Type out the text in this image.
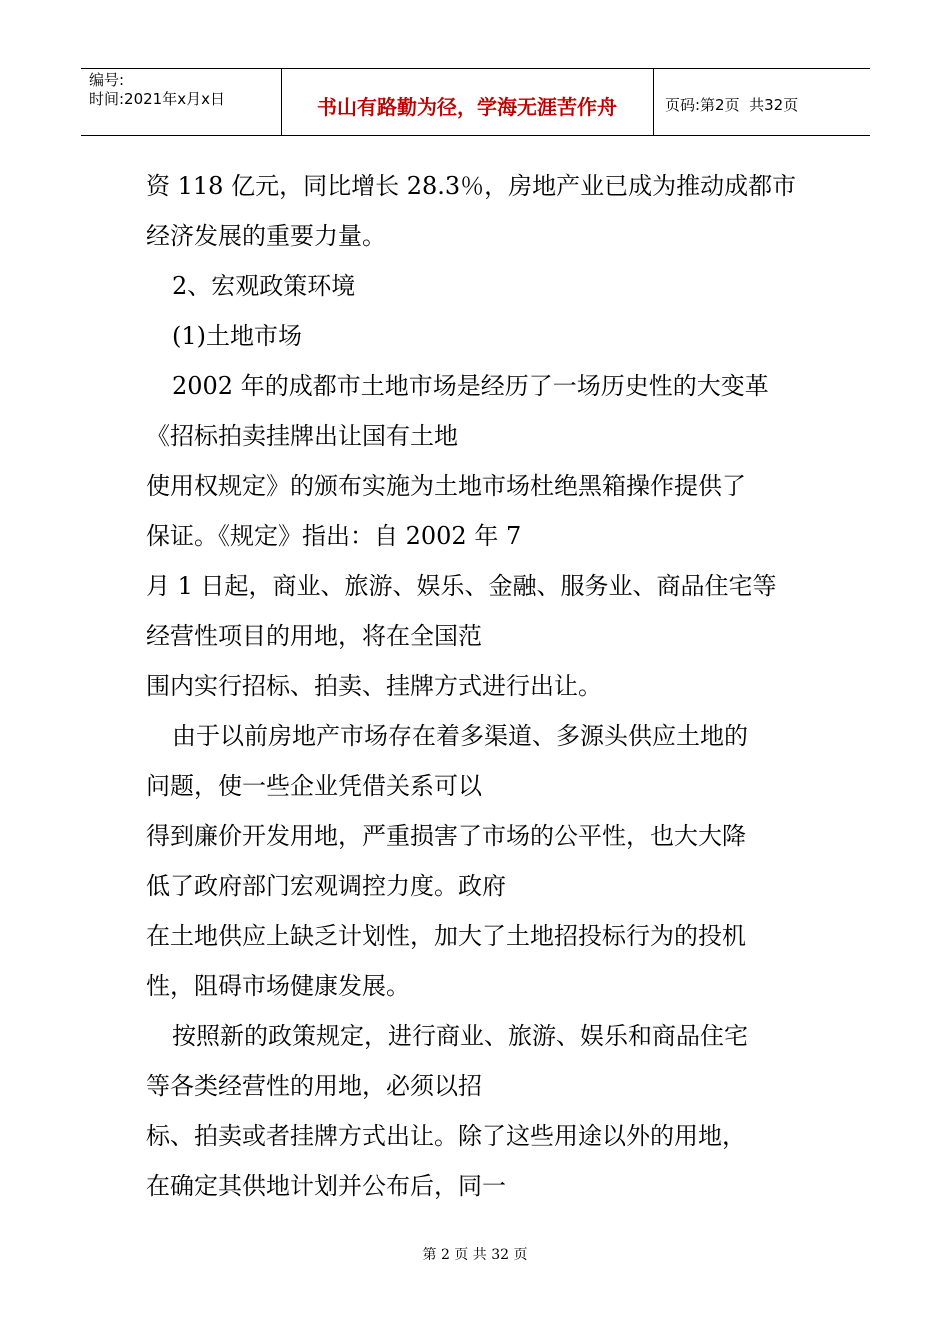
编号:
时间:2021年x月x日	书山有路勤为径，学海无涯苦作舟	页码:第2页  共32页
资 118 亿元，同比增长 28.3％，房地产业已成为推动成都市
经济发展的重要力量。
2、宏观政策环境
(1)土地市场
2002 年的成都市土地市场是经历了一场历史性的大变革
《招标拍卖挂牌出让国有土地
使用权规定》的颁布实施为土地市场杜绝黑箱操作提供了
保证。《规定》指出：自 2002 年 7
月 1 日起，商业、旅游、娱乐、金融、服务业、商品住宅等
经营性项目的用地，将在全国范
围内实行招标、拍卖、挂牌方式进行出让。
由于以前房地产市场存在着多渠道、多源头供应土地的
问题，使一些企业凭借关系可以
得到廉价开发用地，严重损害了市场的公平性，也大大降
低了政府部门宏观调控力度。政府
在土地供应上缺乏计划性，加大了土地招投标行为的投机
性，阻碍市场健康发展。
按照新的政策规定，进行商业、旅游、娱乐和商品住宅
等各类经营性的用地，必须以招
标、拍卖或者挂牌方式出让。除了这些用途以外的用地，
在确定其供地计划并公布后，同一
第 2 页 共 32 页
